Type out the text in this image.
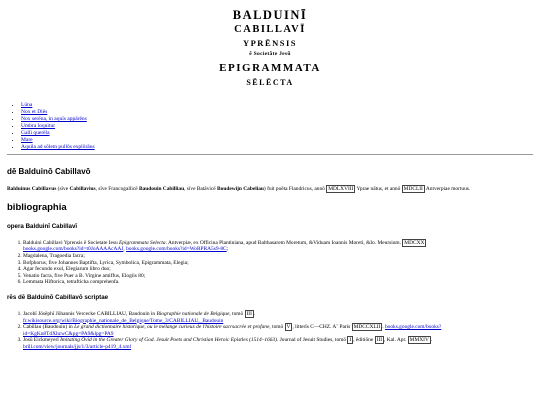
BALDUINĪ
CABILLAVĪ
YPRĒNSIS
ē Societāte Jesū
EPIGRAMMATA
SĒLĒCTA
• Lūna
• Nox et Diēs
• Nox serēna, in aquīs appārēns
• Umbra loquitur
• Gallī querēla
• Mare
• Aquila ad sōlem pullōs explōrāns
dē Balduinō Cabillavō

Balduinus Cabillavus (sīve Cabillavius, sīve Francogallicē Baudouin Cabilliau, sīve Batāvicē Boudewijn Cabeliau) fuit poēta Flandricus, annō MDLXVIII Yprae nātus, et annō MDCLII Antverpiae mortuus.

bibliographia
opera Balduinī Cabillavī
1. Balduini Cabillavi Yprensis ē Societate Iesu Epigrammata Selecta. Antverpiæ, ex Officina Plantiniana, apud Balthasarem Moretum, &Viduam Ioannis Moreti, &Io. Meursium. MDCXX
books.google.com/books?id=t0JoAAAAcAAJ, books.google.com/books?id=WoRPRA5s9-8C;
2. Magdalena, Tragoedia facra;
3. Bofphorus, five Johannes Baptifta, Lyrica, Symbolica, Epigrammata, Elegia;
4. Agar fecundo exul, Elegiarum libro duo;
5. Venatio facra, five Puer a B. Virgine amiffus, Elogiis 80;
6. Lemmata Hiftorica, tetrafticha comprehenfa.
rēs dē Balduinō Cabillavō scriptae
1. Jacobī Jōsēphī Jōhannis Vercecke CABILLIAU, Baudouin in Biographie nationale de Belgique, tomō III .
fr.wikisource.org/wiki/Biographie_nationale_de_Belgique/Tome_3/CABILLIAU,_Baudouin
2. Cabillau (Baudouin) in Le grand dictionnaire historique, ou le mélange curieux de l'histoire sacrsacrée et profane, tomō V , litterīs C—CHZ. A˚ Paris MDCCXLII . books.google.com/books?
id=KgKn8TdXhzwC&pg=PA9&lpg=PA9
3. Josū Eickmeyerī Imitating Ovid in the Greater Glory of God. Jesuit Poets and Christian Heroic Epistles (1514–1663). Journal of Jesuit Studies, tomō I , ēditiōne III , Kal. Apr. MMXIV .
brill.com/view/journals/jjs/1/3/article-p419_4.xml
